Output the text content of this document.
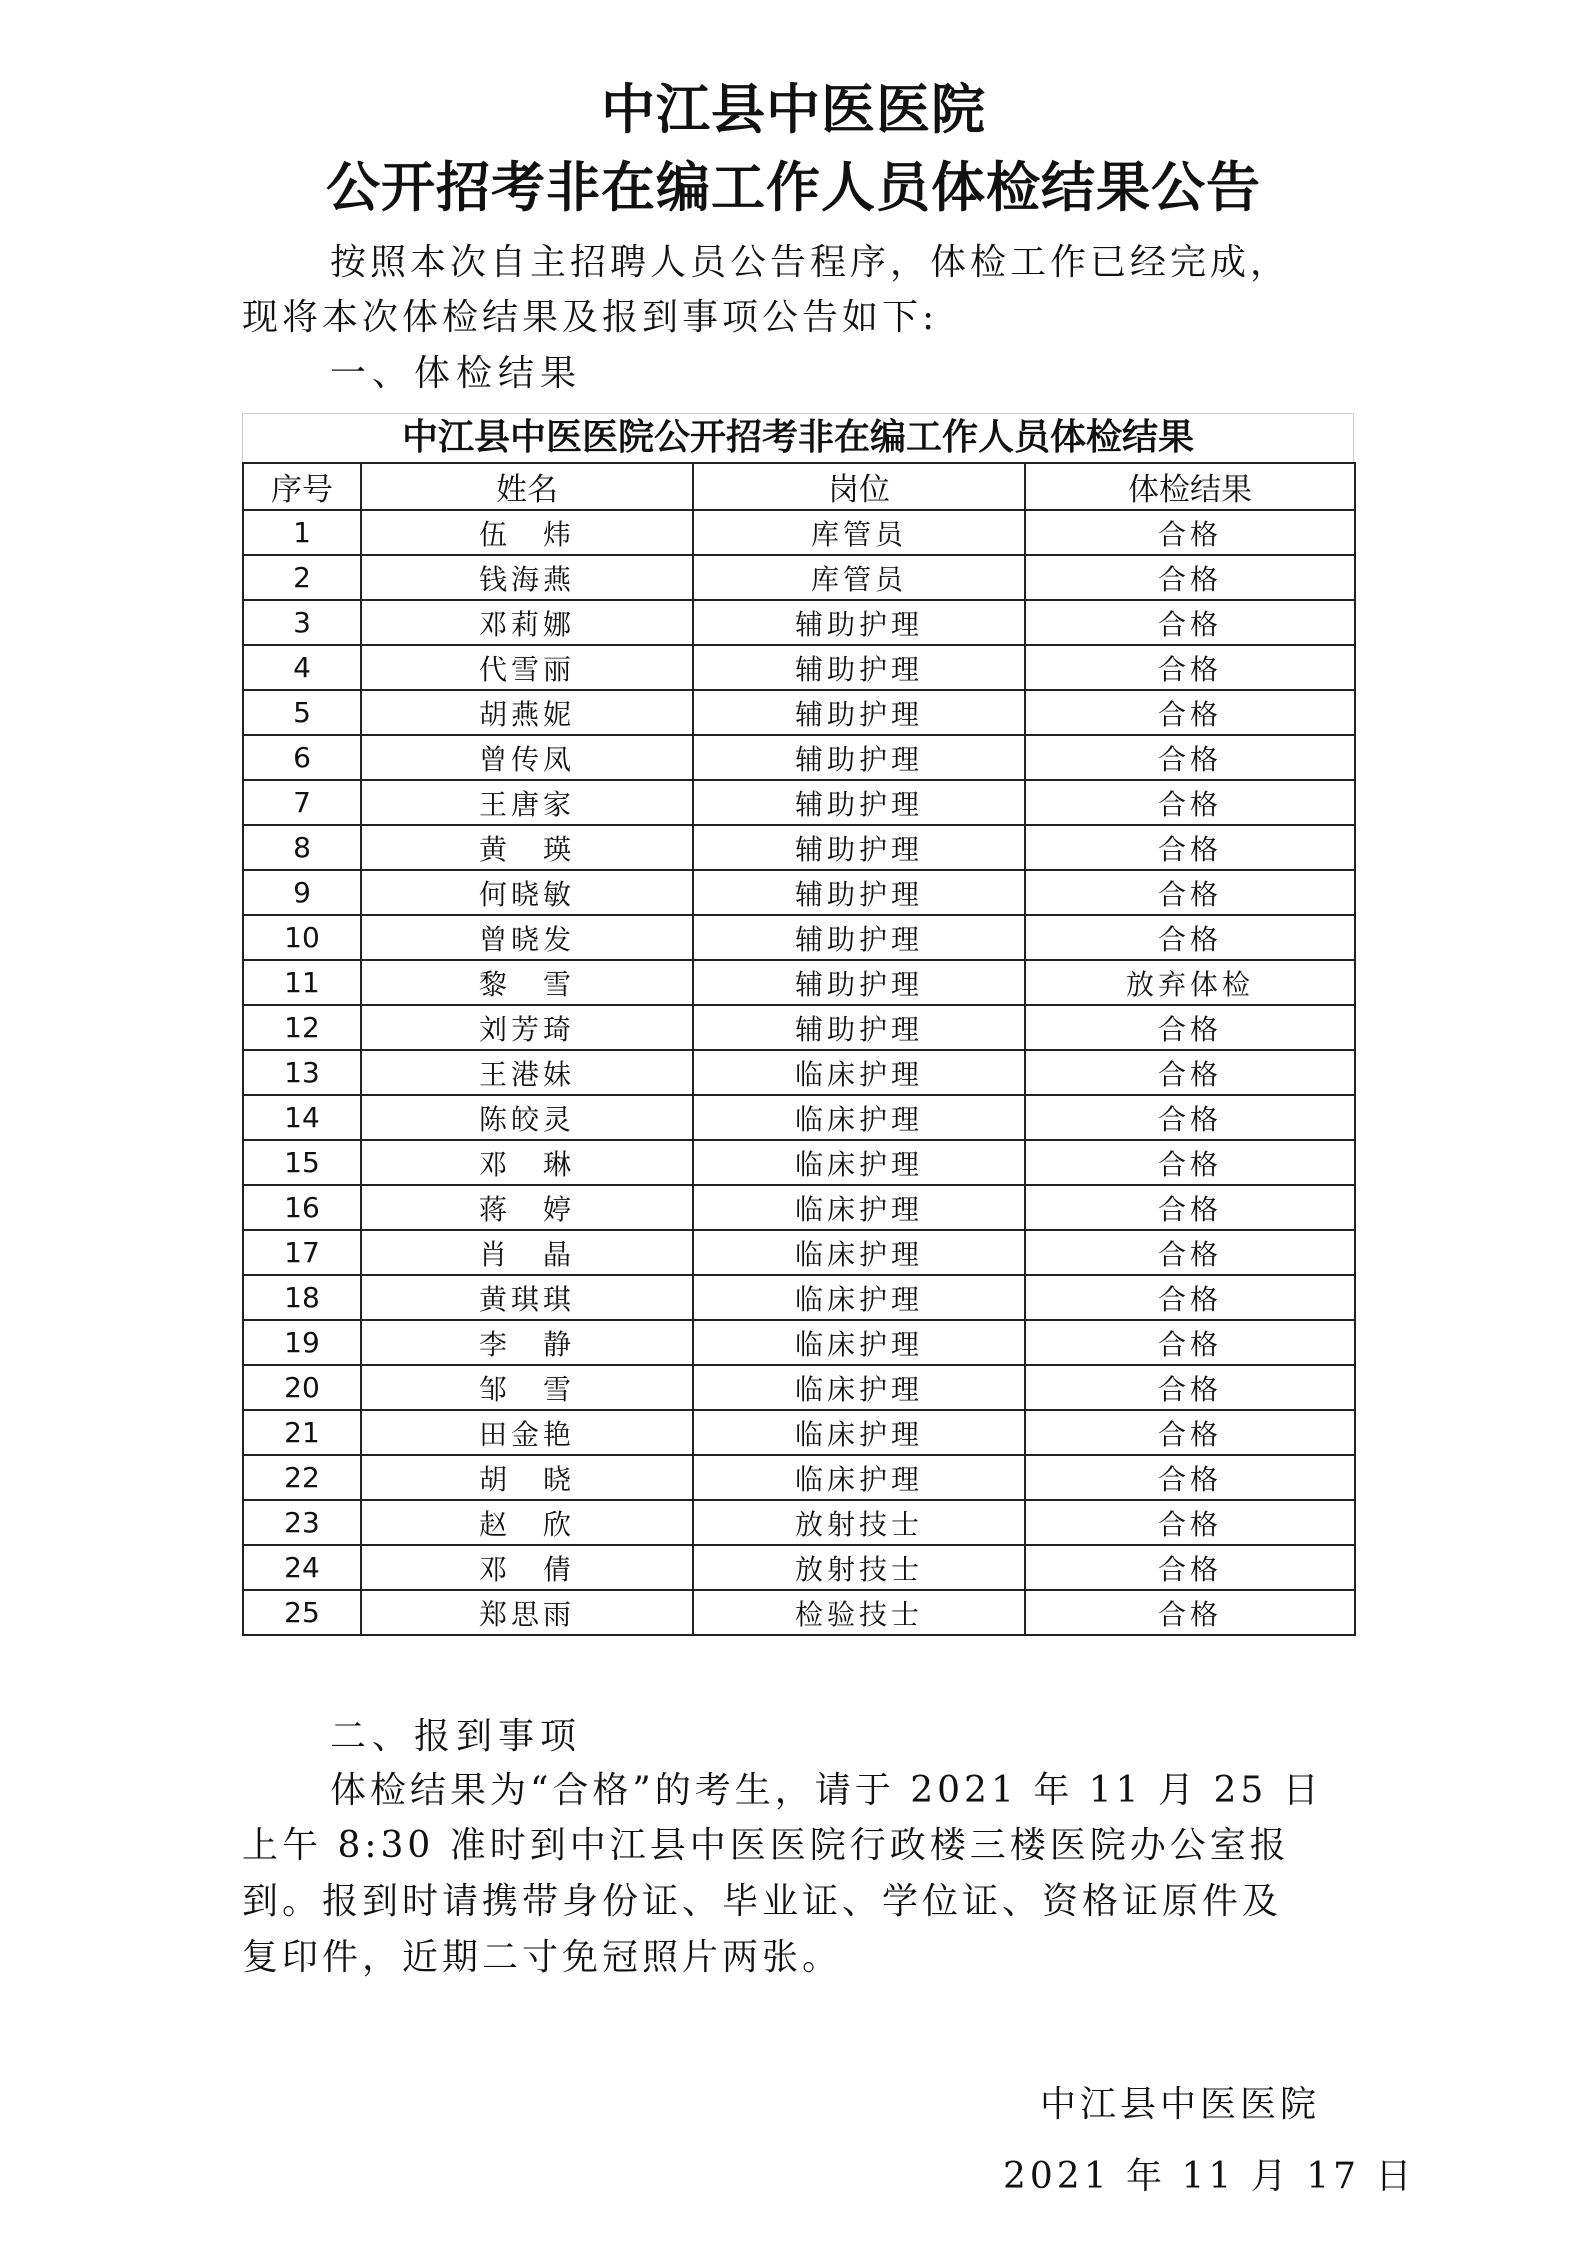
中江县中医医院
公开招考非在编工作人员体检结果公告
按照本次自主招聘人员公告程序，体检工作已经完成，
现将本次体检结果及报到事项公告如下:
一、体检结果
中江县中医医院公开招考非在编工作人员体检结果
序号	姓名	岗位	体检结果
1	伍　炜	库管员	合格
2	钱海燕	库管员	合格
3	邓莉娜	辅助护理	合格
4	代雪丽	辅助护理	合格
5	胡燕妮	辅助护理	合格
6	曾传凤	辅助护理	合格
7	王唐家	辅助护理	合格
8	黄　瑛	辅助护理	合格
9	何晓敏	辅助护理	合格
10	曾晓发	辅助护理	合格
11	黎　雪	辅助护理	放弃体检
12	刘芳琦	辅助护理	合格
13	王港妹	临床护理	合格
14	陈皎灵	临床护理	合格
15	邓　琳	临床护理	合格
16	蒋　婷	临床护理	合格
17	肖　晶	临床护理	合格
18	黄琪琪	临床护理	合格
19	李　静	临床护理	合格
20	邹　雪	临床护理	合格
21	田金艳	临床护理	合格
22	胡　晓	临床护理	合格
23	赵　欣	放射技士	合格
24	邓　倩	放射技士	合格
25	郑思雨	检验技士	合格
二、报到事项
体检结果为“合格”的考生，请于 2021 年 11 月 25 日
上午 8:30 准时到中江县中医医院行政楼三楼医院办公室报
到。报到时请携带身份证、毕业证、学位证、资格证原件及
复印件，近期二寸免冠照片两张。
中江县中医医院
2021 年 11 月 17 日
